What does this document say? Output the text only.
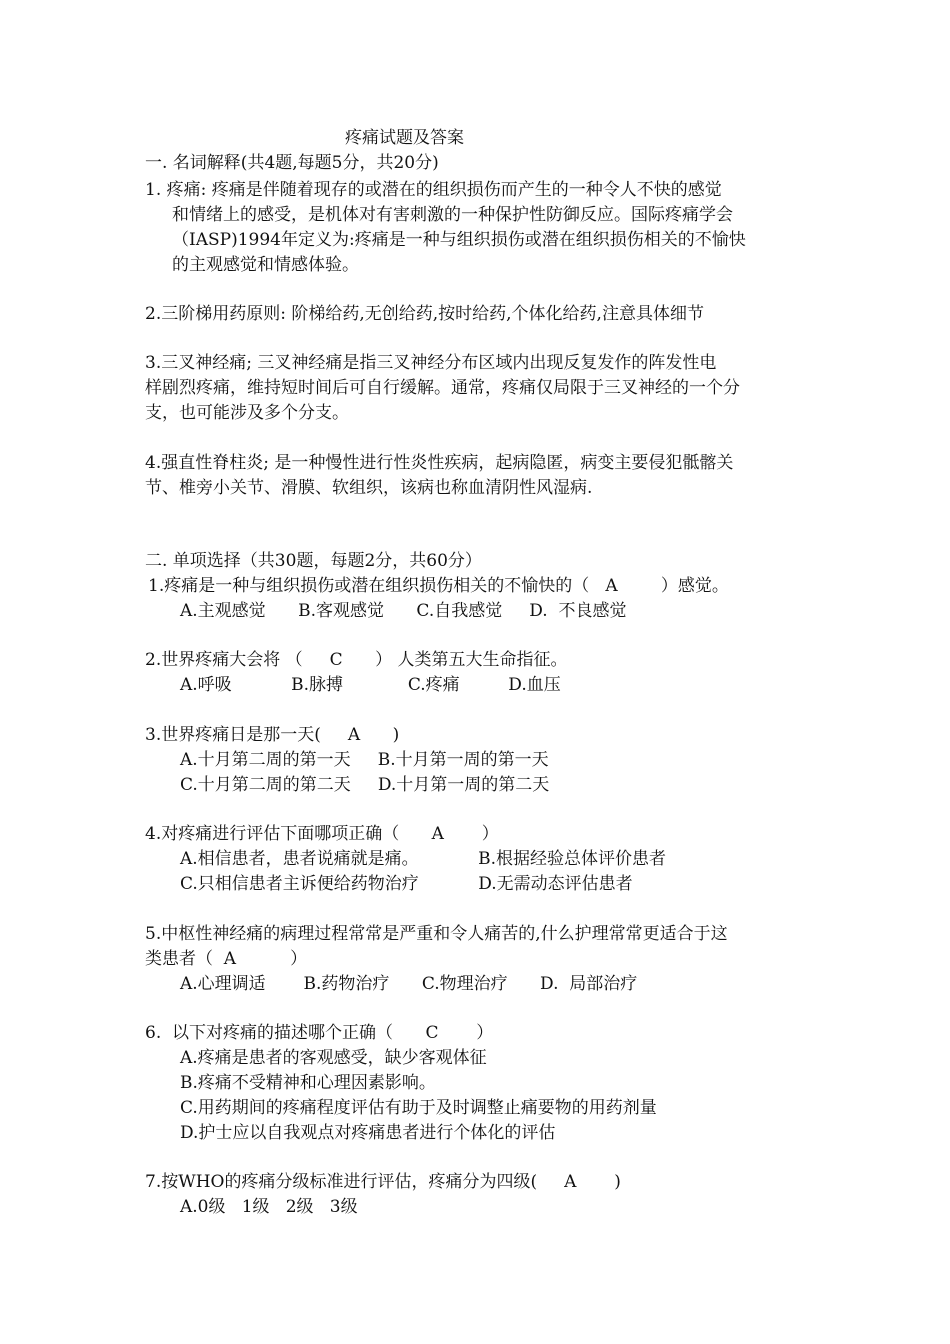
疼痛试题及答案
一. 名词解释(共4题,每题5分，共20分)
1. 疼痛: 疼痛是伴随着现存的或潜在的组织损伤而产生的一种令人不快的感觉
和情绪上的感受，是机体对有害刺激的一种保护性防御反应。国际疼痛学会
（IASP)1994年定义为:疼痛是一种与组织损伤或潜在组织损伤相关的不愉快
的主观感觉和情感体验。
2.三阶梯用药原则: 阶梯给药,无创给药,按时给药,个体化给药,注意具体细节
3.三叉神经痛; 三叉神经痛是指三叉神经分布区域内出现反复发作的阵发性电
样剧烈疼痛，维持短时间后可自行缓解。通常，疼痛仅局限于三叉神经的一个分
支，也可能涉及多个分支。
4.强直性脊柱炎; 是一种慢性进行性炎性疾病，起病隐匿，病变主要侵犯骶髂关
节、椎旁小关节、滑膜、软组织，该病也称血清阴性风湿病.
二. 单项选择（共30题，每题2分，共60分）
1.疼痛是一种与组织损伤或潜在组织损伤相关的不愉快的（   A        ）感觉。
A.主观感觉      B.客观感觉      C.自我感觉     D.  不良感觉
2.世界疼痛大会将 （     C      ） 人类第五大生命指征。
A.呼吸           B.脉搏            C.疼痛         D.血压
3.世界疼痛日是那一天(     A      )
A.十月第二周的第一天     B.十月第一周的第一天
C.十月第二周的第二天     D.十月第一周的第二天
4.对疼痛进行评估下面哪项正确（      A       ）
A.相信患者，患者说痛就是痛。           B.根据经验总体评价患者
C.只相信患者主诉便给药物治疗           D.无需动态评估患者
5.中枢性神经痛的病理过程常常是严重和令人痛苦的,什么护理常常更适合于这
类患者（  A          ）
A.心理调适       B.药物治疗      C.物理治疗      D.  局部治疗
6.  以下对疼痛的描述哪个正确（      C       ）
A.疼痛是患者的客观感受，缺少客观体征
B.疼痛不受精神和心理因素影响。
C.用药期间的疼痛程度评估有助于及时调整止痛要物的用药剂量
D.护士应以自我观点对疼痛患者进行个体化的评估
7.按WHO的疼痛分级标准进行评估，疼痛分为四级(     A       )
A.0级   1级   2级   3级
